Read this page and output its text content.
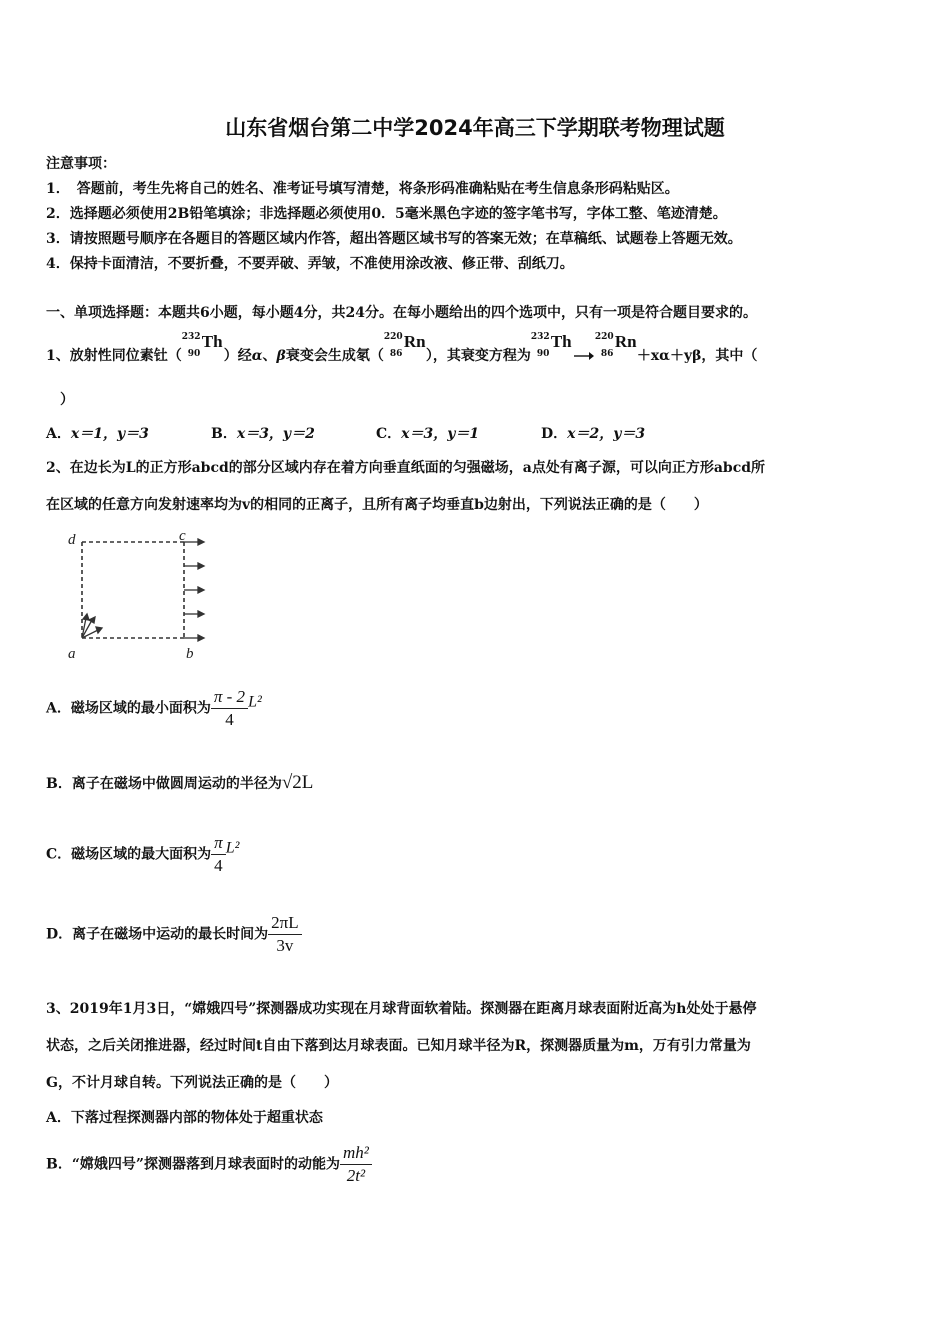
山东省烟台第二中学2024年高三下学期联考物理试题
注意事项：
1．　答题前，考生先将自己的姓名、准考证号填写清楚，将条形码准确粘贴在考生信息条形码粘贴区。
2．选择题必须使用2B铅笔填涂；非选择题必须使用0．5毫米黑色字迹的签字笔书写，字体工整、笔迹清楚。
3．请按照题号顺序在各题目的答题区域内作答，超出答题区域书写的答案无效；在草稿纸、试题卷上答题无效。
4．保持卡面清洁，不要折叠，不要弄破、弄皱，不准使用涂改液、修正带、刮纸刀。
一、单项选择题：本题共6小题，每小题4分，共24分。在每小题给出的四个选项中，只有一项是符合题目要求的。
1、放射性同位素钍（
232
90
Th
）经α、β衰变会生成氡（
220
86
Rn
），其衰变方程为
232
90
Th	220
86
Rn
＋xα＋yβ，其中（
）
A．x＝1，y＝3	B．x＝3，y＝2	C．x＝3，y＝1	D．x＝2，y＝3
2、在边长为L的正方形abcd的部分区域内存在着方向垂直纸面的匀强磁场，a点处有离子源，可以向正方形abcd所
在区域的任意方向发射速率均为v的相同的正离子，且所有离子均垂直b边射出，下列说法正确的是（　　）
d	c
a	b
A．磁场区域的最小面积为 $\frac{\pi - 2}{4} L^2$
B．离子在磁场中做圆周运动的半径为√2L
C．磁场区域的最大面积为 $\frac{\pi}{4} L^2$
D．离子在磁场中运动的最长时间为 $\frac{2\pi L}{3v}$
3、2019年1月3日，“嫦娥四号”探测器成功实现在月球背面软着陆。探测器在距离月球表面附近高为h处处于悬停
状态，之后关闭推进器，经过时间t自由下落到达月球表面。已知月球半径为R，探测器质量为m，万有引力常量为
G，不计月球自转。下列说法正确的是（　　）
A．下落过程探测器内部的物体处于超重状态
B．“嫦娥四号”探测器落到月球表面时的动能为 $\frac{\text{mh²}}{\text{2t²}}$
